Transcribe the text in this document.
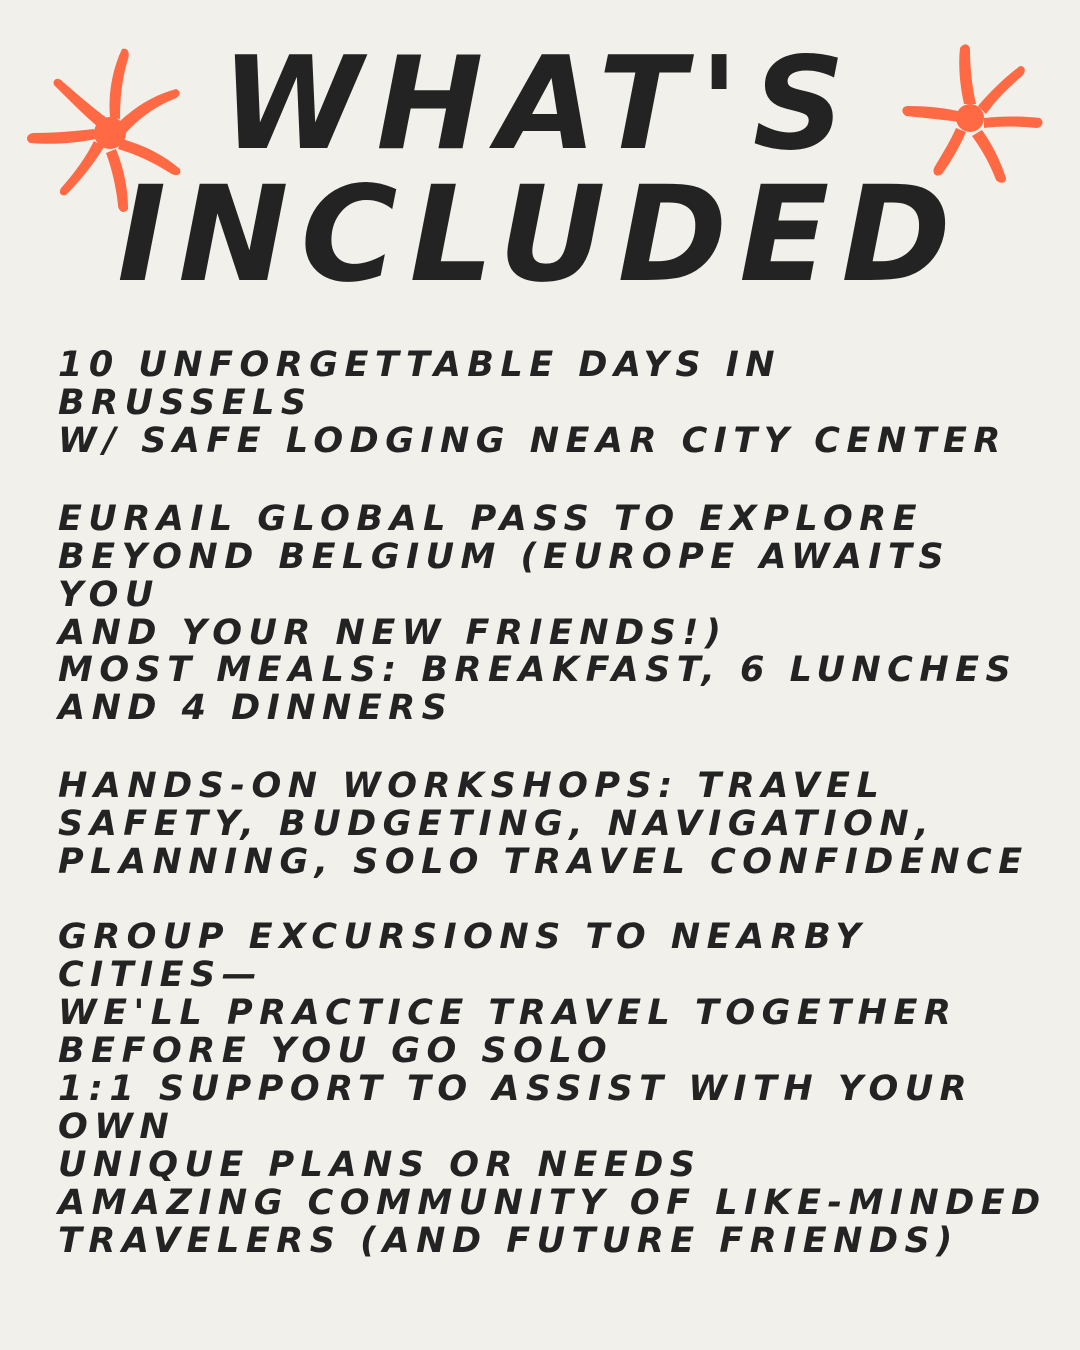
WHAT'S
INCLUDED
10 UNFORGETTABLE DAYS IN BRUSSELS
W/ SAFE LODGING NEAR CITY CENTER
EURAIL GLOBAL PASS TO EXPLORE
BEYOND BELGIUM (EUROPE AWAITS YOU
AND YOUR NEW FRIENDS!)
MOST MEALS: BREAKFAST, 6 LUNCHES
AND 4 DINNERS
HANDS-ON WORKSHOPS: TRAVEL
SAFETY, BUDGETING, NAVIGATION,
PLANNING, SOLO TRAVEL CONFIDENCE
GROUP EXCURSIONS TO NEARBY CITIES—
WE'LL PRACTICE TRAVEL TOGETHER
BEFORE YOU GO SOLO
1:1 SUPPORT TO ASSIST WITH YOUR OWN
UNIQUE PLANS OR NEEDS
AMAZING COMMUNITY OF LIKE-MINDED
TRAVELERS (AND FUTURE FRIENDS)
